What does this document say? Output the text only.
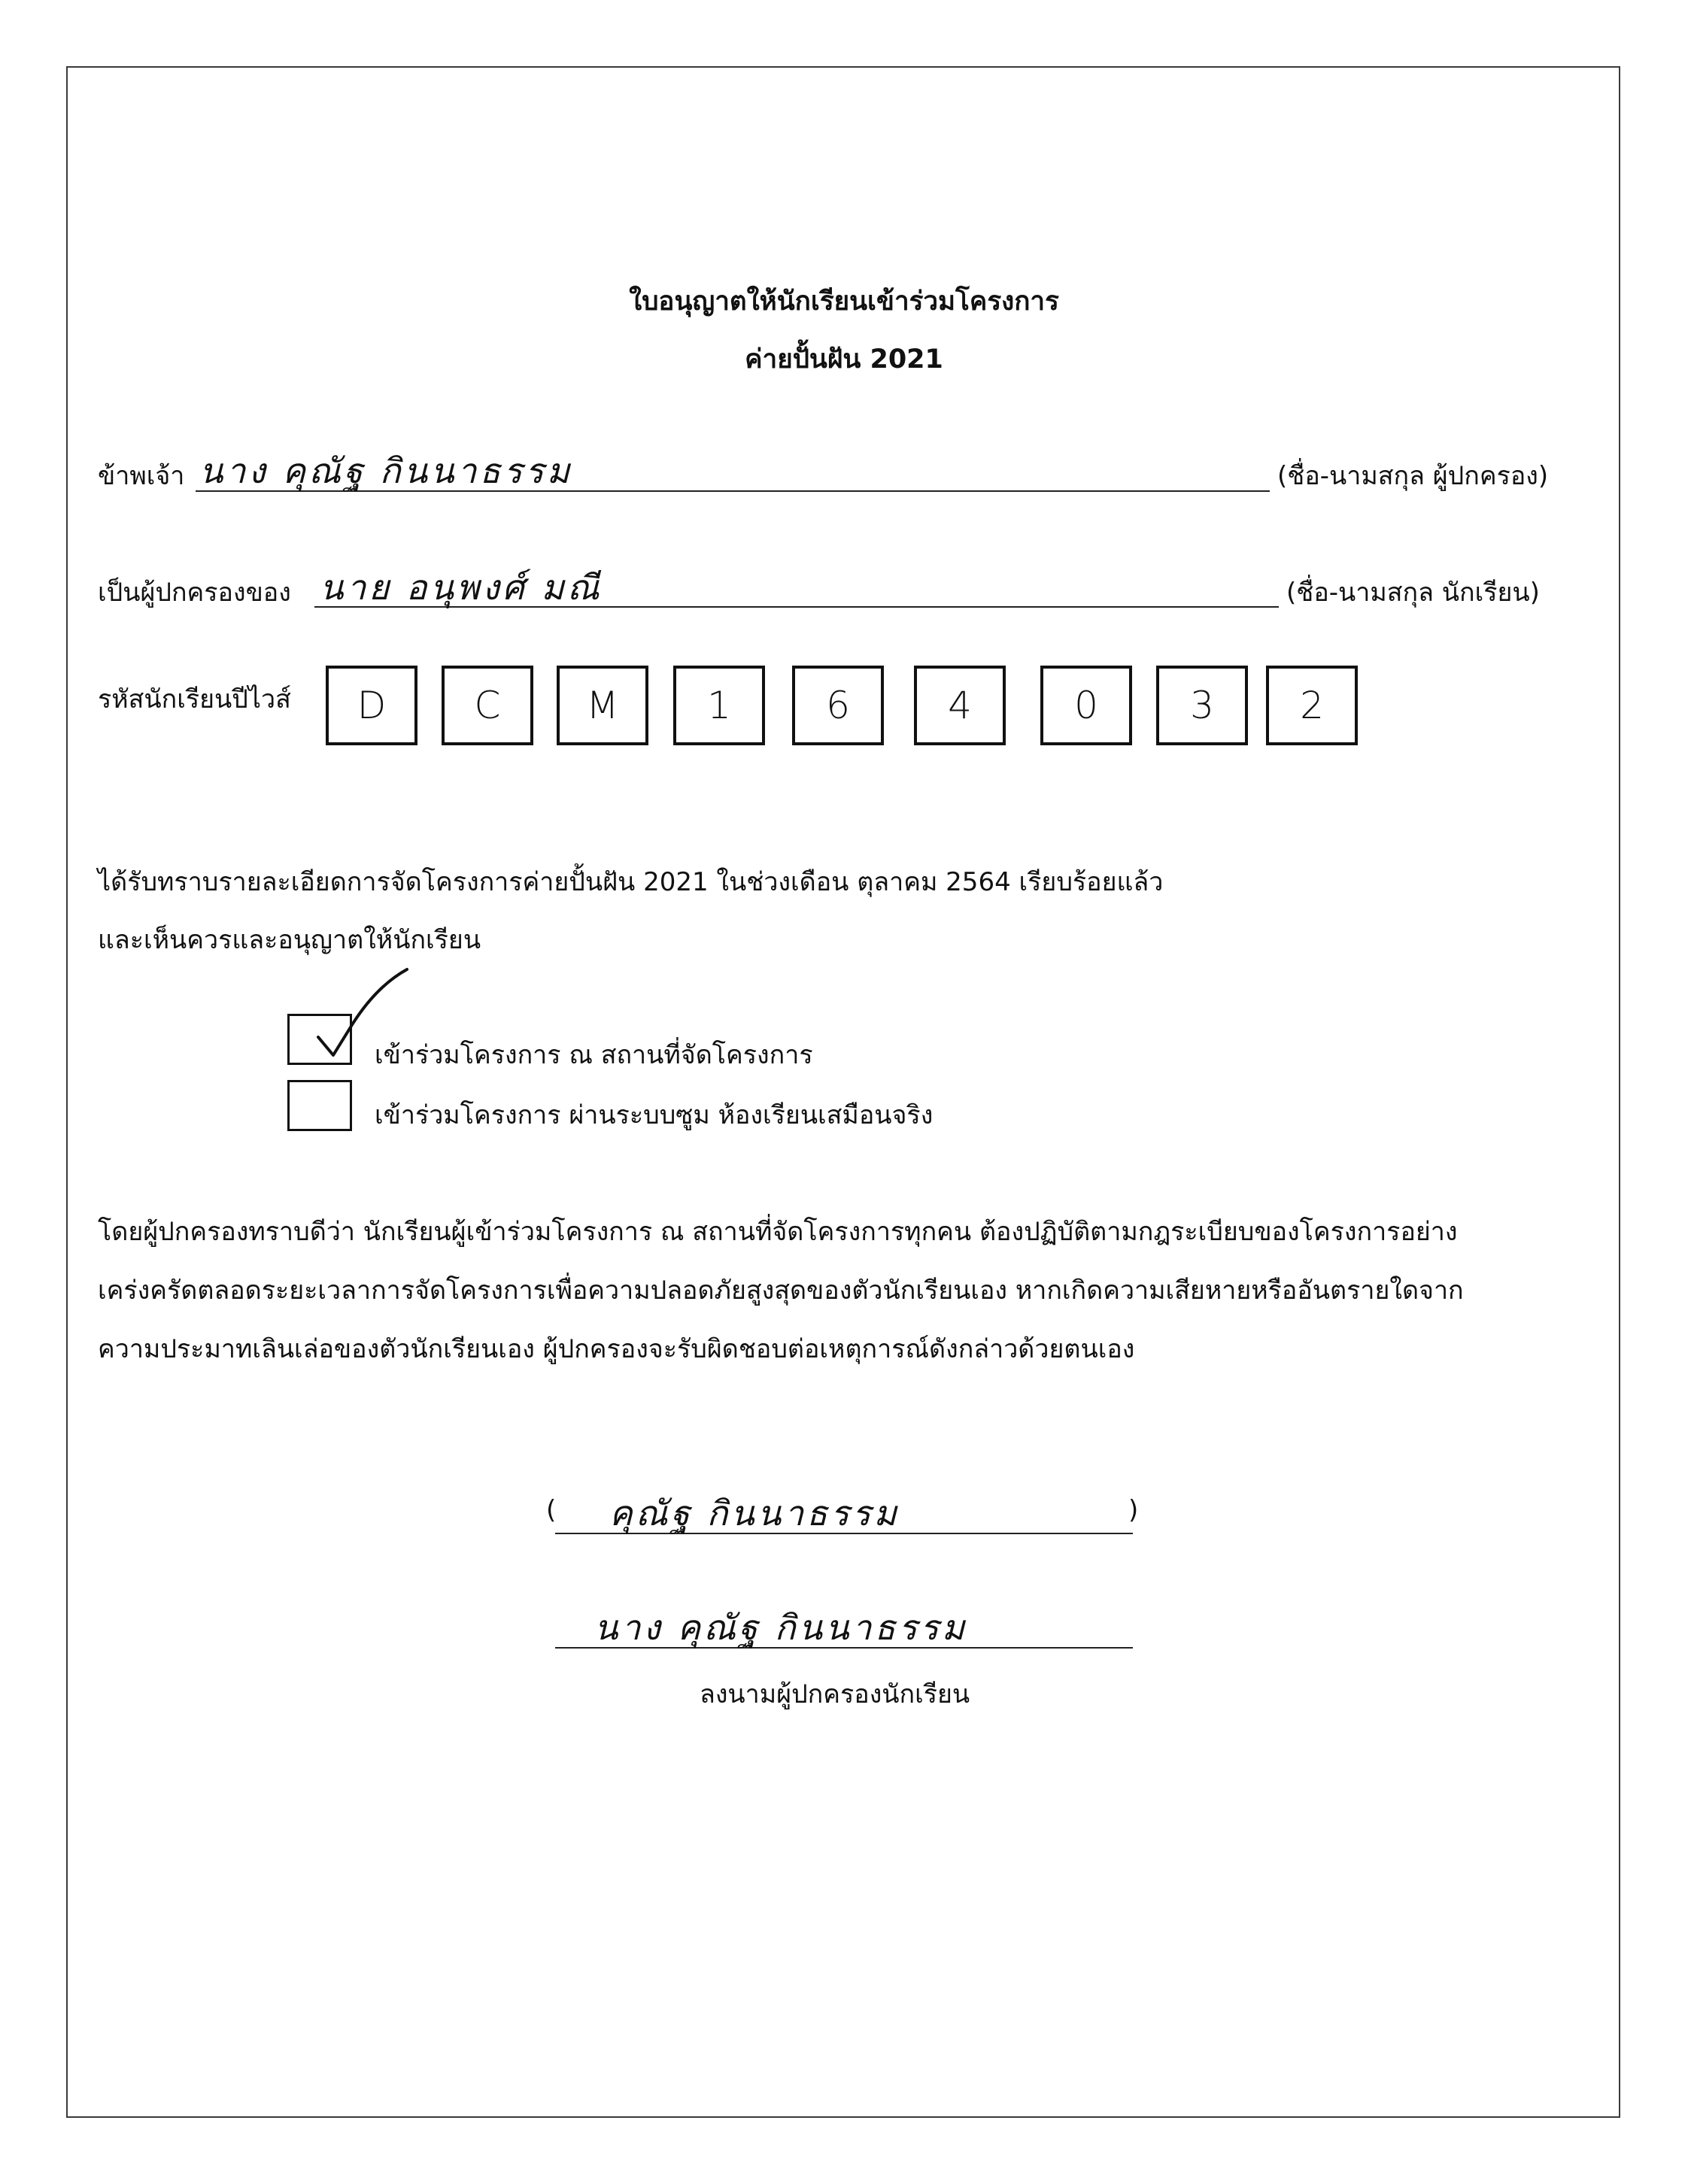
ใบอนุญาตให้นักเรียนเข้าร่วมโครงการ
ค่ายปั้นฝัน 2021
ข้าพเจ้า นาง คุณัฐ กินนาธรรม	(ชื่อ-นามสกุล ผู้ปกครอง)
เป็นผู้ปกครองของ นาย อนุพงศ์ มณี	(ชื่อ-นามสกุล นักเรียน)
รหัสนักเรียนปีไวส์	D	C	M	1	6	4	0	3	2
ได้รับทราบรายละเอียดการจัดโครงการค่ายปั้นฝัน 2021 ในช่วงเดือน ตุลาคม 2564 เรียบร้อยแล้ว
และเห็นควรและอนุญาตให้นักเรียน
เข้าร่วมโครงการ ณ สถานที่จัดโครงการ
เข้าร่วมโครงการ ผ่านระบบซูม ห้องเรียนเสมือนจริง
โดยผู้ปกครองทราบดีว่า นักเรียนผู้เข้าร่วมโครงการ ณ สถานที่จัดโครงการทุกคน ต้องปฏิบัติตามกฎระเบียบของโครงการอย่าง
เคร่งครัดตลอดระยะเวลาการจัดโครงการเพื่อความปลอดภัยสูงสุดของตัวนักเรียนเอง หากเกิดความเสียหายหรืออันตรายใดจาก
ความประมาทเลินเล่อของตัวนักเรียนเอง ผู้ปกครองจะรับผิดชอบต่อเหตุการณ์ดังกล่าวด้วยตนเอง
( คุณัฐ กินนาธรรม	)
นาง คุณัฐ กินนาธรรม
ลงนามผู้ปกครองนักเรียน
